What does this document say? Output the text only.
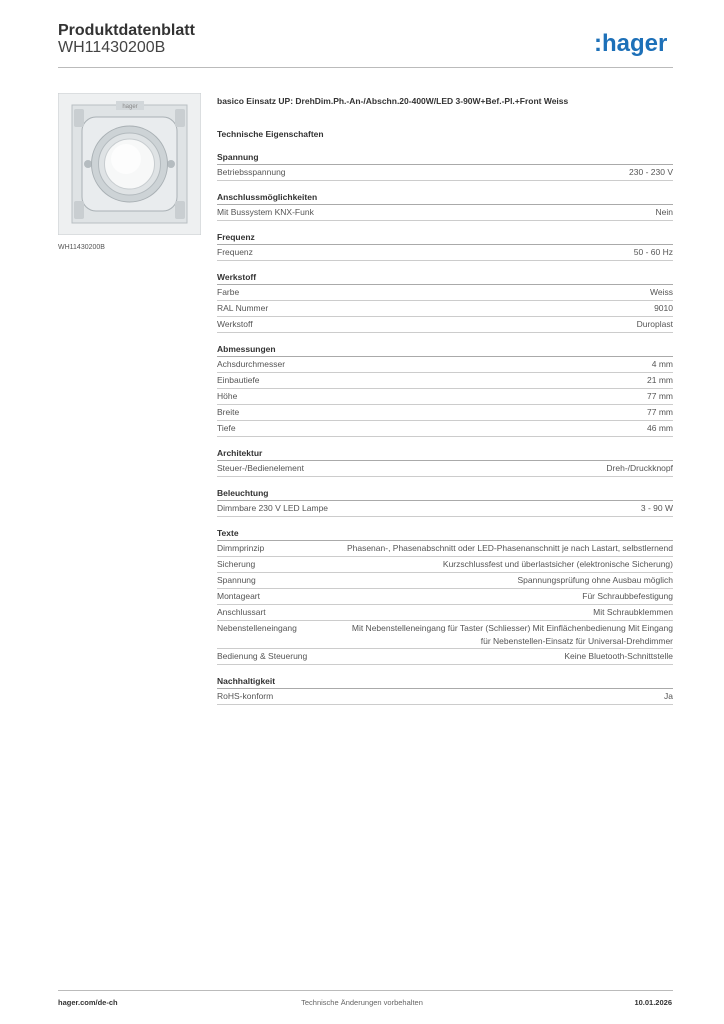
Produktdatenblatt
WH11430200B	:hager
hager
WH11430200B
basico Einsatz UP: DrehDim.Ph.-An-/Abschn.20-400W/LED 3-90W+Bef.-Pl.+Front Weiss
Technische Eigenschaften
Spannung
Betriebsspannung	230 - 230 V
Anschlussmöglichkeiten
Mit Bussystem KNX-Funk	Nein
Frequenz
Frequenz	50 - 60 Hz
Werkstoff
Farbe	Weiss
RAL Nummer	9010
Werkstoff	Duroplast
Abmessungen
Achsdurchmesser	4 mm
Einbautiefe	21 mm
Höhe	77 mm
Breite	77 mm
Tiefe	46 mm
Architektur
Steuer-/Bedienelement	Dreh-/Druckknopf
Beleuchtung
Dimmbare 230 V LED Lampe	3 - 90 W
Texte
Dimmprinzip	Phasenan-, Phasenabschnitt oder LED-Phasenanschnitt je nach Lastart, selbstlernend
Sicherung	Kurzschlussfest und überlastsicher (elektronische Sicherung)
Spannung	Spannungsprüfung ohne Ausbau möglich
Montageart	Für Schraubbefestigung
Anschlussart	Mit Schraubklemmen
Nebenstelleneingang	Mit Nebenstelleneingang für Taster (Schliesser) Mit Einflächenbedienung Mit Eingang für Nebenstellen-Einsatz für Universal-Drehdimmer
Bedienung & Steuerung	Keine Bluetooth-Schnittstelle
Nachhaltigkeit
RoHS-konform	Ja
hager.com/de-ch	Technische Änderungen vorbehalten	10.01.2026
